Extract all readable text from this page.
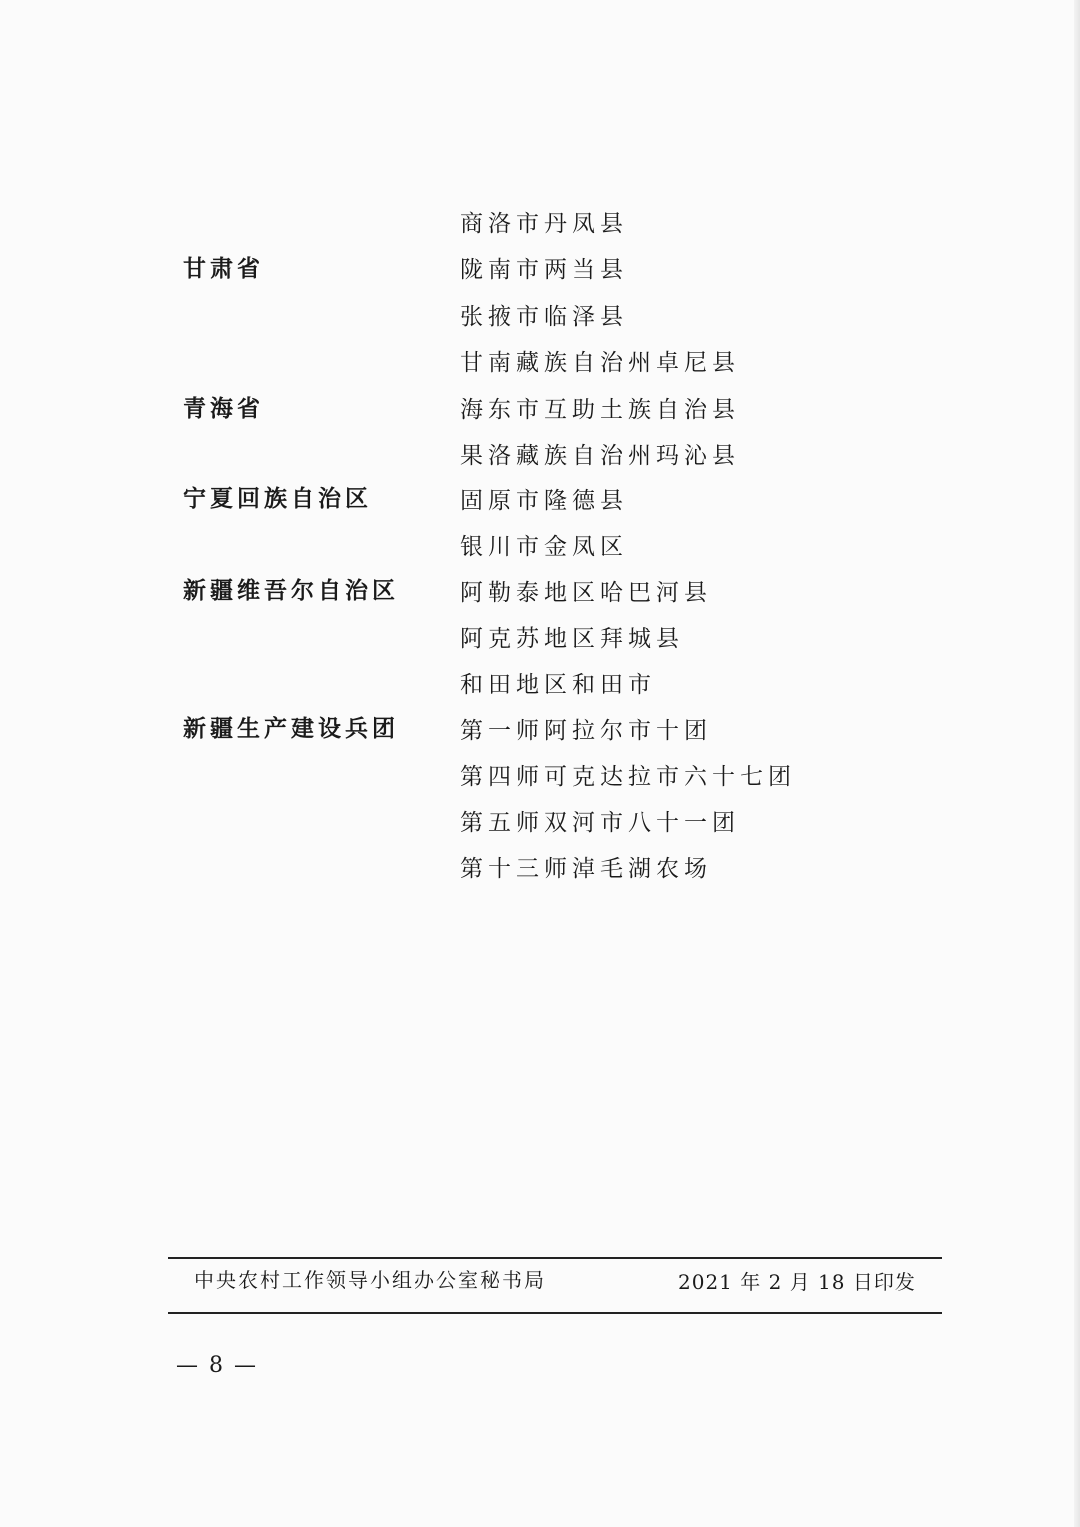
甘肃省
青海省
宁夏回族自治区
新疆维吾尔自治区
新疆生产建设兵团
商洛市丹凤县
陇南市两当县
张掖市临泽县
甘南藏族自治州卓尼县
海东市互助土族自治县
果洛藏族自治州玛沁县
固原市隆德县
银川市金凤区
阿勒泰地区哈巴河县
阿克苏地区拜城县
和田地区和田市
第一师阿拉尔市十团
第四师可克达拉市六十七团
第五师双河市八十一团
第十三师淖毛湖农场
中央农村工作领导小组办公室秘书局	2021 年 2 月 18 日印发
— 8 —
